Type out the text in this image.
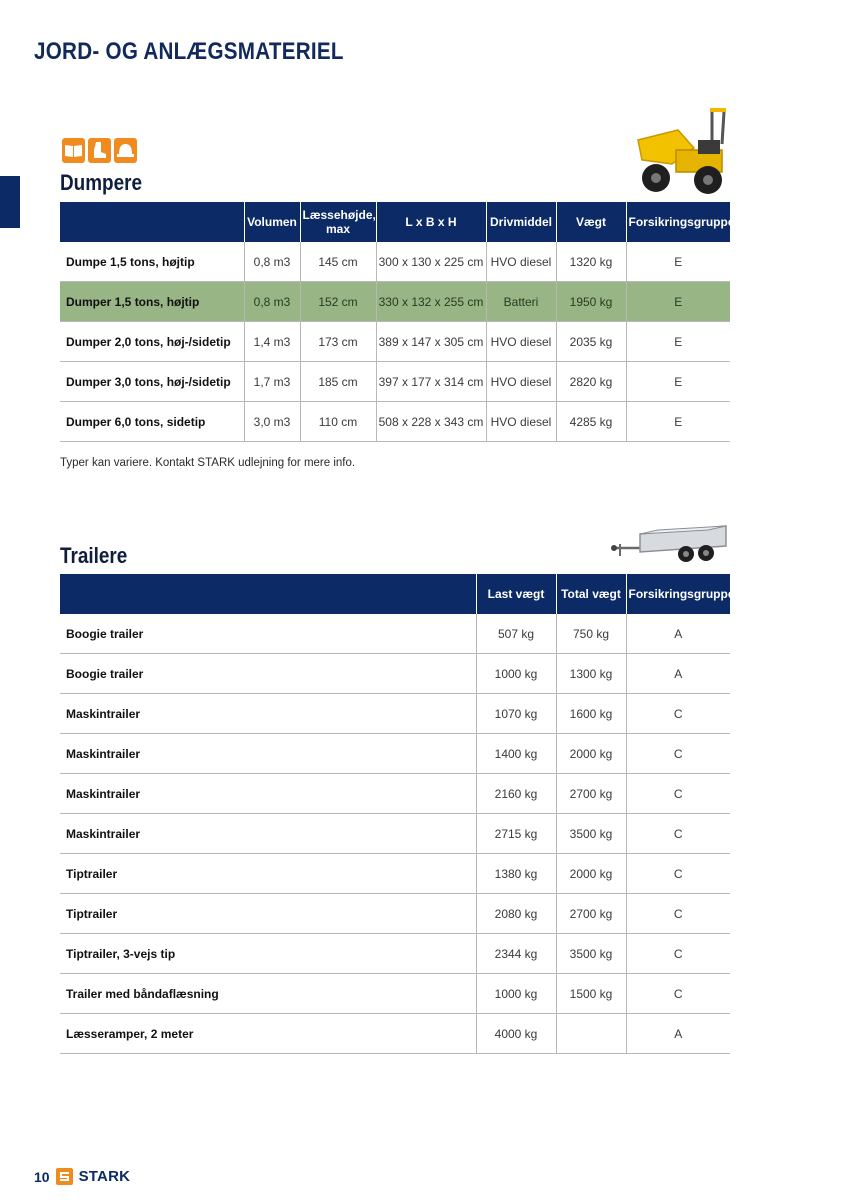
JORD- OG ANLÆGSMATERIEL
Dumpere
	Volumen	Læssehøjde, max	L x B x H	Drivmiddel	Vægt	Forsikringsgruppe
Dumpe 1,5 tons, højtip	0,8 m3	145 cm	300 x 130 x 225 cm	HVO diesel	1320 kg	E
Dumper 1,5 tons, højtip	0,8 m3	152 cm	330 x 132 x 255 cm	Batteri	1950 kg	E
Dumper 2,0 tons, høj-/sidetip	1,4 m3	173 cm	389 x 147 x 305 cm	HVO diesel	2035 kg	E
Dumper 3,0 tons, høj-/sidetip	1,7 m3	185 cm	397 x 177 x 314 cm	HVO diesel	2820 kg	E
Dumper 6,0 tons, sidetip	3,0 m3	110 cm	508 x 228 x 343 cm	HVO diesel	4285 kg	E
Typer kan variere. Kontakt STARK udlejning for mere info.
Trailere
	Last vægt	Total vægt	Forsikringsgruppe
Boogie trailer	507 kg	750 kg	A
Boogie trailer	1000 kg	1300 kg	A
Maskintrailer	1070 kg	1600 kg	C
Maskintrailer	1400 kg	2000 kg	C
Maskintrailer	2160 kg	2700 kg	C
Maskintrailer	2715 kg	3500 kg	C
Tiptrailer	1380 kg	2000 kg	C
Tiptrailer	2080 kg	2700 kg	C
Tiptrailer, 3-vejs tip	2344 kg	3500 kg	C
Trailer med båndaflæsning	1000 kg	1500 kg	C
Læsseramper, 2 meter	4000 kg		A
10 STARK
